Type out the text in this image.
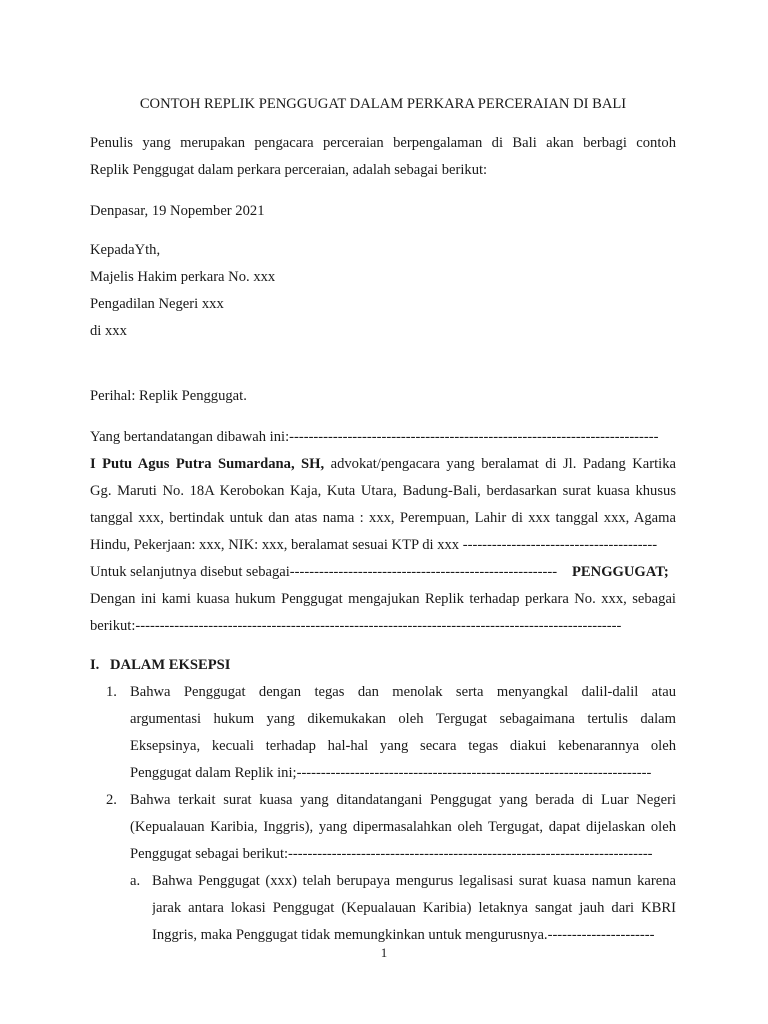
CONTOH REPLIK PENGGUGAT DALAM PERKARA PERCERAIAN DI BALI
Penulis yang merupakan pengacara perceraian berpengalaman di Bali akan berbagi contoh
Replik Penggugat dalam perkara perceraian, adalah sebagai berikut:
Denpasar, 19 Nopember 2021
KepadaYth,
Majelis Hakim perkara No. xxx
Pengadilan Negeri xxx
di xxx
Perihal: Replik Penggugat.
Yang bertandatangan dibawah ini:----------------------------------------------------------------------------
I Putu Agus Putra Sumardana, SH, advokat/pengacara yang beralamat di Jl. Padang Kartika
Gg. Maruti No. 18A Kerobokan Kaja, Kuta Utara, Badung-Bali, berdasarkan surat kuasa khusus
tanggal xxx, bertindak untuk dan atas nama : xxx, Perempuan, Lahir di xxx tanggal xxx, Agama
Hindu, Pekerjaan: xxx, NIK: xxx, beralamat sesuai KTP di xxx ----------------------------------------
Untuk selanjutnya disebut sebagai------------------------------------------------------- PENGGUGAT;
Dengan ini kami kuasa hukum Penggugat mengajukan Replik terhadap perkara No. xxx, sebagai
berikut:----------------------------------------------------------------------------------------------------
I. DALAM EKSEPSI
1. Bahwa Penggugat dengan tegas dan menolak serta menyangkal dalil-dalil atau
argumentasi hukum yang dikemukakan oleh Tergugat sebagaimana tertulis dalam
Eksepsinya, kecuali terhadap hal-hal yang secara tegas diakui kebenarannya oleh
Penggugat dalam Replik ini;-------------------------------------------------------------------------
2. Bahwa terkait surat kuasa yang ditandatangani Penggugat yang berada di Luar Negeri
(Kepualauan Karibia, Inggris), yang dipermasalahkan oleh Tergugat, dapat dijelaskan oleh
Penggugat sebagai berikut:---------------------------------------------------------------------------
a. Bahwa Penggugat (xxx) telah berupaya mengurus legalisasi surat kuasa namun karena
jarak antara lokasi Penggugat (Kepualauan Karibia) letaknya sangat jauh dari KBRI
Inggris, maka Penggugat tidak memungkinkan untuk mengurusnya.----------------------
1
